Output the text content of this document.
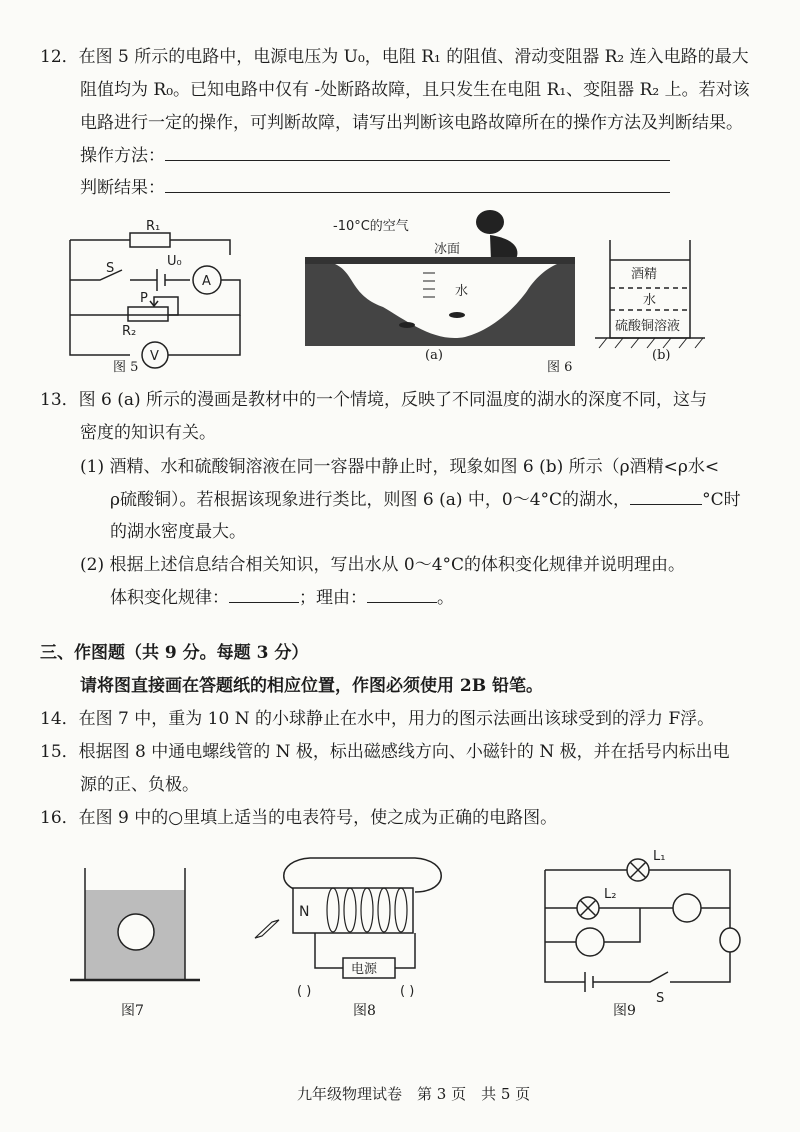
12．在图 5 所示的电路中，电源电压为 U₀，电阻 R₁ 的阻值、滑动变阻器 R₂ 连入电路的最大
阻值均为 R₀。已知电路中仅有 -处断路故障，且只发生在电阻 R₁、变阻器 R₂ 上。若对该
电路进行一定的操作，可判断故障，请写出判断该电路故障所在的操作方法及判断结果。
操作方法：
判断结果：
R₁
U₀
S
P
R₂
A
V
图 5
-10°C的空气
冰面
水
(a)
图 6
酒精
水
硫酸铜溶液
(b)
13．图 6 (a) 所示的漫画是教材中的一个情境，反映了不同温度的湖水的深度不同，这与
密度的知识有关。
(1) 酒精、水和硫酸铜溶液在同一容器中静止时，现象如图 6 (b) 所示（ρ酒精<ρ水<
ρ硫酸铜）。若根据该现象进行类比，则图 6 (a) 中，0～4°C的湖水，	°C时
的湖水密度最大。
(2) 根据上述信息结合相关知识，写出水从 0～4°C的体积变化规律并说明理由。
体积变化规律：	；理由：	。
三、作图题（共 9 分。每题 3 分）
请将图直接画在答题纸的相应位置，作图必须使用 2B 铅笔。
14．在图 7 中，重为 10 N 的小球静止在水中，用力的图示法画出该球受到的浮力 F浮。
15．根据图 8 中通电螺线管的 N 极，标出磁感线方向、小磁针的 N 极，并在括号内标出电
源的正、负极。
16．在图 9 中的○里填上适当的电表符号，使之成为正确的电路图。
图7
N
电源
( )	( )
图8
L₁
L₂
S
图9
九年级物理试卷　第 3 页　共 5 页
